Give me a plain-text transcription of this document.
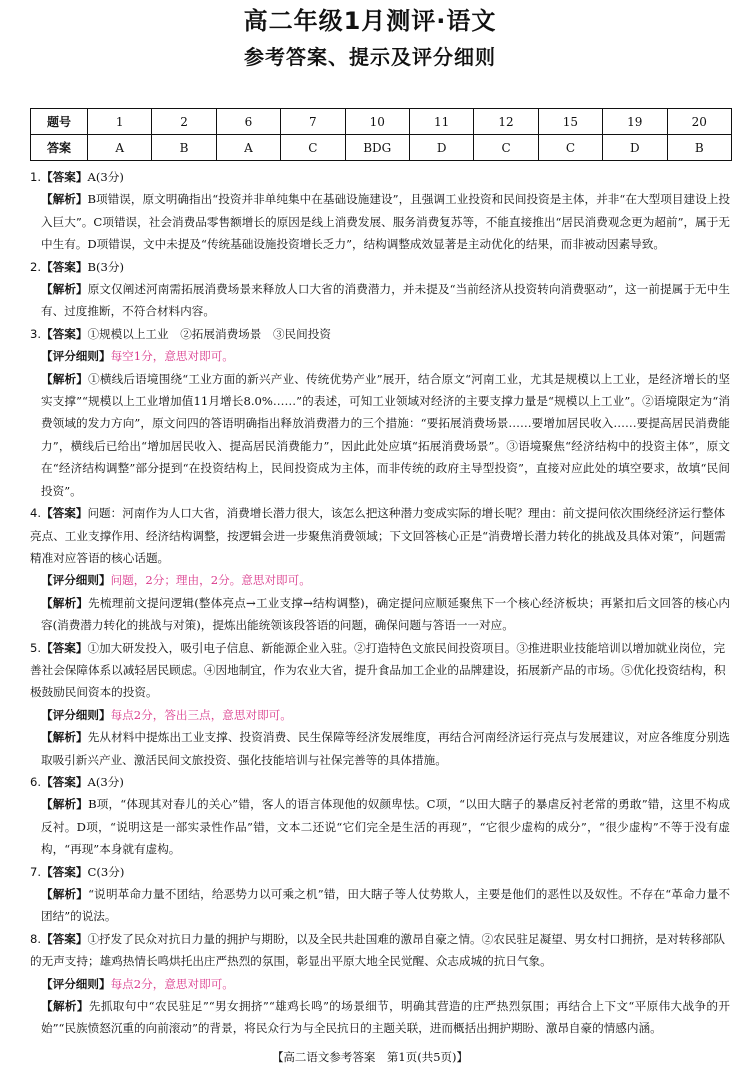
高二年级1月测评·语文
参考答案、提示及评分细则
题号	1	2	6	7	10	11	12	15	19	20
答案	A	B	A	C	BDG	D	C	C	D	B

1.【答案】A(3分)

【解析】B项错误，原文明确指出“投资并非单纯集中在基础设施建设”，且强调工业投资和民间投资是主体，并非“在大型项目建设上投入巨大”。C项错误，社会消费品零售额增长的原因是线上消费发展、服务消费复苏等，不能直接推出“居民消费观念更为超前”，属于无中生有。D项错误，文中未提及“传统基础设施投资增长乏力”，结构调整成效显著是主动优化的结果，而非被动因素导致。

2.【答案】B(3分)

【解析】原文仅阐述河南需拓展消费场景来释放人口大省的消费潜力，并未提及“当前经济从投资转向消费驱动”，这一前提属于无中生有、过度推断，不符合材料内容。

3.【答案】①规模以上工业　②拓展消费场景　③民间投资

【评分细则】每空1分，意思对即可。

【解析】①横线后语境围绕“工业方面的新兴产业、传统优势产业”展开，结合原文“河南工业，尤其是规模以上工业，是经济增长的坚实支撑”“规模以上工业增加值11月增长8.0%……”的表述，可知工业领域对经济的主要支撑力量是“规模以上工业”。②语境限定为“消费领域的发力方向”，原文问四的答语明确指出释放消费潜力的三个措施：“要拓展消费场景……要增加居民收入……要提高居民消费能力”，横线后已给出“增加居民收入、提高居民消费能力”，因此此处应填“拓展消费场景”。③语境聚焦“经济结构中的投资主体”，原文在“经济结构调整”部分提到“在投资结构上，民间投资成为主体，而非传统的政府主导型投资”，直接对应此处的填空要求，故填“民间投资”。

4.【答案】问题：河南作为人口大省，消费增长潜力很大，该怎么把这种潜力变成实际的增长呢？理由：前文提问依次围绕经济运行整体亮点、工业支撑作用、经济结构调整，按逻辑会进一步聚焦消费领域；下文回答核心正是“消费增长潜力转化的挑战及具体对策”，问题需精准对应答语的核心话题。

【评分细则】问题，2分；理由，2分。意思对即可。

【解析】先梳理前文提问逻辑(整体亮点→工业支撑→结构调整)，确定提问应顺延聚焦下一个核心经济板块；再紧扣后文回答的核心内容(消费潜力转化的挑战与对策)，提炼出能统领该段答语的问题，确保问题与答语一一对应。

5.【答案】①加大研发投入，吸引电子信息、新能源企业入驻。②打造特色文旅民间投资项目。③推进职业技能培训以增加就业岗位，完善社会保障体系以减轻居民顾虑。④因地制宜，作为农业大省，提升食品加工企业的品牌建设，拓展新产品的市场。⑤优化投资结构，积极鼓励民间资本的投资。

【评分细则】每点2分，答出三点，意思对即可。

【解析】先从材料中提炼出工业支撑、投资消费、民生保障等经济发展维度，再结合河南经济运行亮点与发展建议，对应各维度分别选取吸引新兴产业、激活民间文旅投资、强化技能培训与社保完善等的具体措施。

6.【答案】A(3分)

【解析】B项，“体现其对春儿的关心”错，客人的语言体现他的奴颜卑怯。C项，“以田大瞎子的暴虐反衬老常的勇敢”错，这里不构成反衬。D项，“说明这是一部实录性作品”错，文本二还说“它们完全是生活的再现”，“它很少虚构的成分”，“很少虚构”不等于没有虚构，“再现”本身就有虚构。

7.【答案】C(3分)

【解析】“说明革命力量不团结，给恶势力以可乘之机”错，田大瞎子等人仗势欺人，主要是他们的恶性以及奴性。不存在“革命力量不团结”的说法。

8.【答案】①抒发了民众对抗日力量的拥护与期盼，以及全民共赴国难的激昂自豪之情。②农民驻足凝望、男女村口拥挤，是对转移部队的无声支持；雄鸡热情长鸣烘托出庄严热烈的氛围，彰显出平原大地全民觉醒、众志成城的抗日气象。

【评分细则】每点2分，意思对即可。

【解析】先抓取句中“农民驻足”“男女拥挤”“雄鸡长鸣”的场景细节，明确其营造的庄严热烈氛围；再结合上下文“平原伟大战争的开始”“民族愤怒沉重的向前滚动”的背景，将民众行为与全民抗日的主题关联，进而概括出拥护期盼、激昂自豪的情感内涵。

【高二语文参考答案　第1页(共5页)】
